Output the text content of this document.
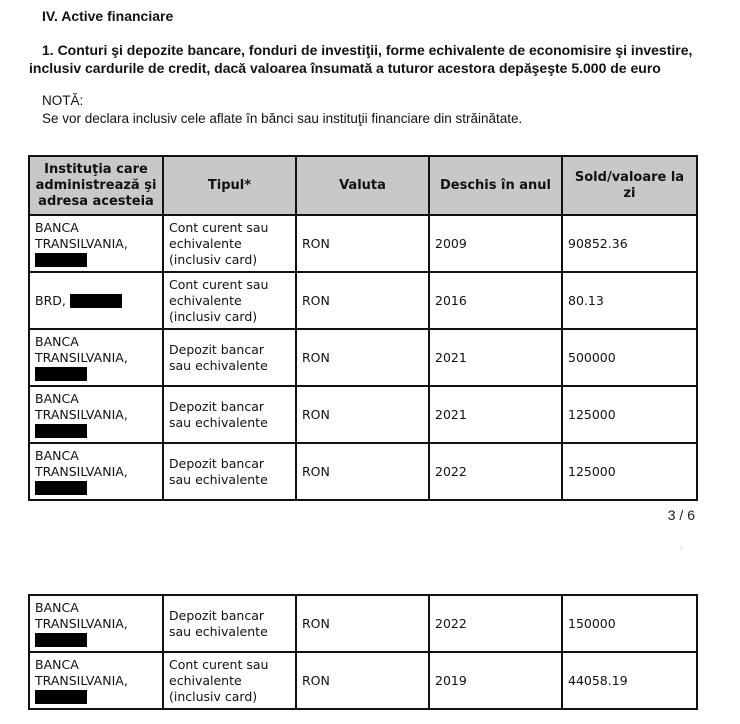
IV. Active financiare
1. Conturi şi depozite bancare, fonduri de investiţii, forme echivalente de economisire şi investire, inclusiv cardurile de credit, dacă valoarea însumată a tuturor acestora depăşeşte 5.000 de euro
NOTĂ:
Se vor declara inclusiv cele aflate în bănci sau instituţii financiare din străinătate.
Instituţia care administrează şi adresa acesteia	Tipul*	Valuta	Deschis în anul	Sold/valoare la zi
BANCA
TRANSILVANIA,	Cont curent sau echivalente (inclusiv card)	RON	2009	90852.36
BRD,	Cont curent sau echivalente (inclusiv card)	RON	2016	80.13
BANCA
TRANSILVANIA,	Depozit bancar sau echivalente	RON	2021	500000
BANCA
TRANSILVANIA,	Depozit bancar sau echivalente	RON	2021	125000
BANCA
TRANSILVANIA,	Depozit bancar sau echivalente	RON	2022	125000
3 / 6
BANCA
TRANSILVANIA,	Depozit bancar sau echivalente	RON	2022	150000
BANCA
TRANSILVANIA,	Cont curent sau echivalente (inclusiv card)	RON	2019	44058.19
